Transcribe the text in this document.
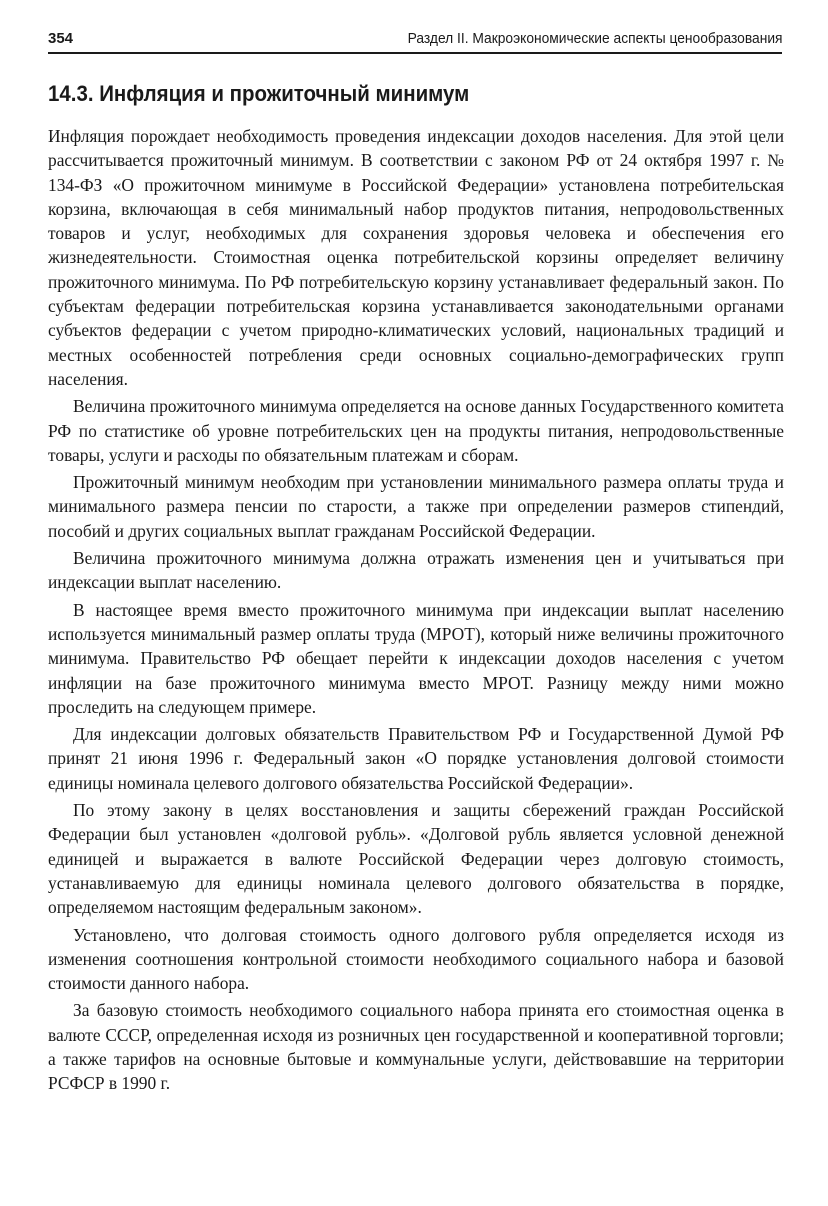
354	Раздел II. Макроэкономические аспекты ценообразования
14.3. Инфляция и прожиточный минимум

Инфляция порождает необходимость проведения индексации доходов населения. Для этой цели рассчитывается прожиточный минимум. В соответствии с законом РФ от 24 октября 1997 г. № 134-ФЗ «О прожиточном минимуме в Российской Федерации» установлена потребительская корзина, включающая в себя минимальный набор продуктов питания, непродовольственных товаров и услуг, необходимых для сохранения здоровья человека и обеспечения его жизнедеятельности. Стоимостная оценка потребительской корзины определяет величину прожиточного минимума. По РФ потребительскую корзину устанавливает федеральный закон. По субъектам федерации потребительская корзина устанавливается законодательными органами субъектов федерации с учетом природно-климатических условий, национальных традиций и местных особенностей потребления среди основных социально-демографических групп населения.

Величина прожиточного минимума определяется на основе данных Государственного комитета РФ по статистике об уровне потребительских цен на продукты питания, непродовольственные товары, услуги и расходы по обязательным платежам и сборам.

Прожиточный минимум необходим при установлении минимального размера оплаты труда и минимального размера пенсии по старости, а также при определении размеров стипендий, пособий и других социальных выплат гражданам Российской Федерации.

Величина прожиточного минимума должна отражать изменения цен и учитываться при индексации выплат населению.

В настоящее время вместо прожиточного минимума при индексации выплат населению используется минимальный размер оплаты труда (МРОТ), который ниже величины прожиточного минимума. Правительство РФ обещает перейти к индексации доходов населения с учетом инфляции на базе прожиточного минимума вместо МРОТ. Разницу между ними можно проследить на следующем примере.

Для индексации долговых обязательств Правительством РФ и Государственной Думой РФ принят 21 июня 1996 г. Федеральный закон «О порядке установления долговой стоимости единицы номинала целевого долгового обязательства Российской Федерации».

По этому закону в целях восстановления и защиты сбережений граждан Российской Федерации был установлен «долговой рубль». «Долговой рубль является условной денежной единицей и выражается в валюте Российской Федерации через долговую стоимость, устанавливаемую для единицы номинала целевого долгового обязательства в порядке, определяемом настоящим федеральным законом».

Установлено, что долговая стоимость одного долгового рубля определяется исходя из изменения соотношения контрольной стоимости необходимого социального набора и базовой стоимости данного набора.

За базовую стоимость необходимого социального набора принята его стоимостная оценка в валюте СССР, определенная исходя из розничных цен государственной и кооперативной торговли; а также тарифов на основные бытовые и коммунальные услуги, действовавшие на территории РСФСР в 1990 г.
